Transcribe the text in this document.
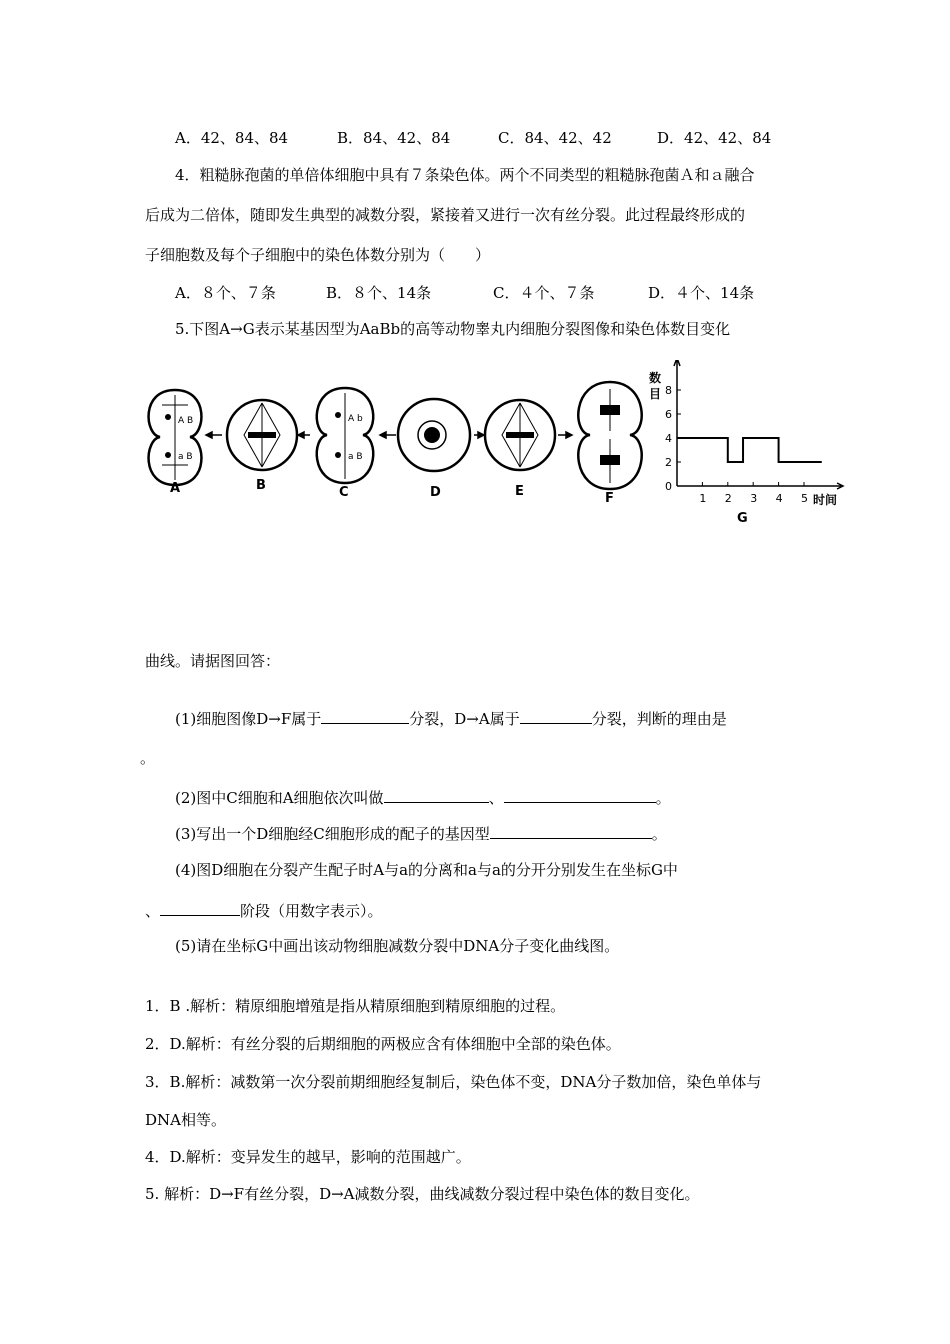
A．42、84、84	B．84、42、84	C．84、42、42	D．42、42、84
4．粗糙脉孢菌的单倍体细胞中具有７条染色体。两个不同类型的粗糙脉孢菌Ａ和ａ融合
后成为二倍体，随即发生典型的减数分裂，紧接着又进行一次有丝分裂。此过程最终形成的
子细胞数及每个子细胞中的染色体数分别为（　　）
A．８个、７条	B．８个、14条	C．４个、７条	D．４个、14条
5.下图A→G表示某基因型为AaBb的高等动物睾丸内细胞分裂图像和染色体数目变化
A B
a B
A b
a B
A	B	C	D	E	F
0
2
4
6
8
1 2 3 4 5
数
目
时间
G
曲线。请据图回答：
(1)细胞图像D→F属于	分裂，D→A属于	分裂，判断的理由是
。
(2)图中C细胞和A细胞依次叫做	、	。
(3)写出一个D细胞经C细胞形成的配子的基因型	。
(4)图D细胞在分裂产生配子时A与a的分离和a与a的分开分别发生在坐标G中
、	阶段（用数字表示）。
(5)请在坐标G中画出该动物细胞减数分裂中DNA分子变化曲线图。
1．B .解析：精原细胞增殖是指从精原细胞到精原细胞的过程。
2．D.解析：有丝分裂的后期细胞的两极应含有体细胞中全部的染色体。
3．B.解析：减数第一次分裂前期细胞经复制后，染色体不变，DNA分子数加倍，染色单体与
DNA相等。
4．D.解析：变异发生的越早，影响的范围越广。
5. 解析：D→F有丝分裂，D→A减数分裂，曲线减数分裂过程中染色体的数目变化。
